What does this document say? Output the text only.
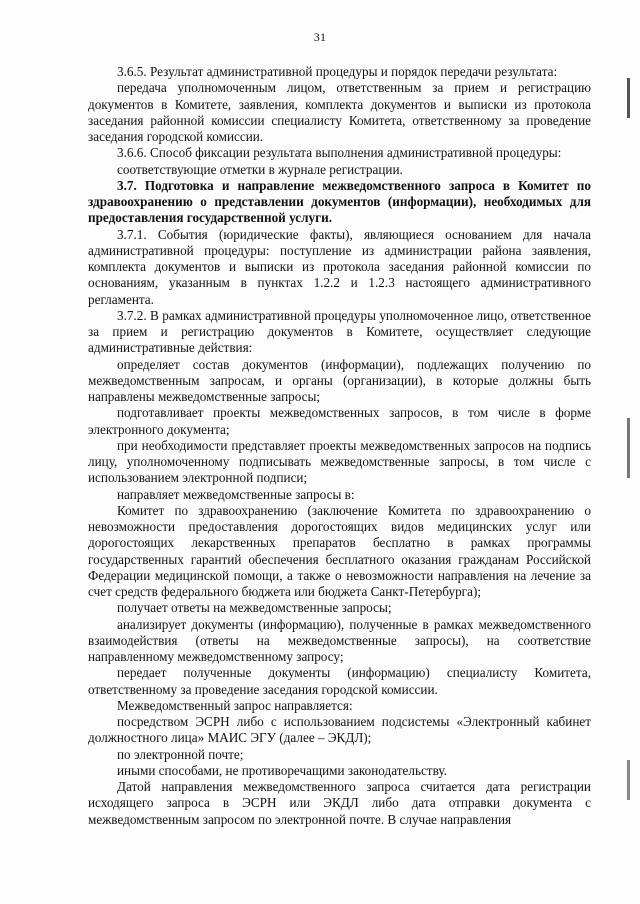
31

3.6.5. Результат административной процедуры и порядок передачи результата:

передача уполномоченным лицом, ответственным за прием и регистрацию документов в Комитете, заявления, комплекта документов и выписки из протокола заседания районной комиссии специалисту Комитета, ответственному за проведение заседания городской комиссии.

3.6.6. Способ фиксации результата выполнения административной процедуры:

соответствующие отметки в журнале регистрации.

3.7. Подготовка и направление межведомственного запроса в Комитет по здравоохранению о представлении документов (информации), необходимых для предоставления государственной услуги.

3.7.1. События (юридические факты), являющиеся основанием для начала административной процедуры: поступление из администрации района заявления, комплекта документов и выписки из протокола заседания районной комиссии по основаниям, указанным в пунктах 1.2.2 и 1.2.3 настоящего административного регламента.

3.7.2. В рамках административной процедуры уполномоченное лицо, ответственное за прием и регистрацию документов в Комитете, осуществляет следующие административные действия:

определяет состав документов (информации), подлежащих получению по межведомственным запросам, и органы (организации), в которые должны быть направлены межведомственные запросы;

подготавливает проекты межведомственных запросов, в том числе в форме электронного документа;

при необходимости представляет проекты межведомственных запросов на подпись лицу, уполномоченному подписывать межведомственные запросы, в том числе с использованием электронной подписи;

направляет межведомственные запросы в:

Комитет по здравоохранению (заключение Комитета по здравоохранению о невозможности предоставления дорогостоящих видов медицинских услуг или дорогостоящих лекарственных препаратов бесплатно в рамках программы государственных гарантий обеспечения бесплатного оказания гражданам Российской Федерации медицинской помощи, а также о невозможности направления на лечение за счет средств федерального бюджета или бюджета Санкт-Петербурга);

получает ответы на межведомственные запросы;

анализирует документы (информацию), полученные в рамках межведомственного взаимодействия (ответы на межведомственные запросы), на соответствие направленному межведомственному запросу;

передает полученные документы (информацию) специалисту Комитета, ответственному за проведение заседания городской комиссии.

Межведомственный запрос направляется:

посредством ЭСРН либо с использованием подсистемы «Электронный кабинет должностного лица» МАИС ЭГУ (далее – ЭКДЛ);

по электронной почте;

иными способами, не противоречащими законодательству.

Датой направления межведомственного запроса считается дата регистрации исходящего запроса в ЭСРН или ЭКДЛ либо дата отправки документа с межведомственным запросом по электронной почте. В случае направления
